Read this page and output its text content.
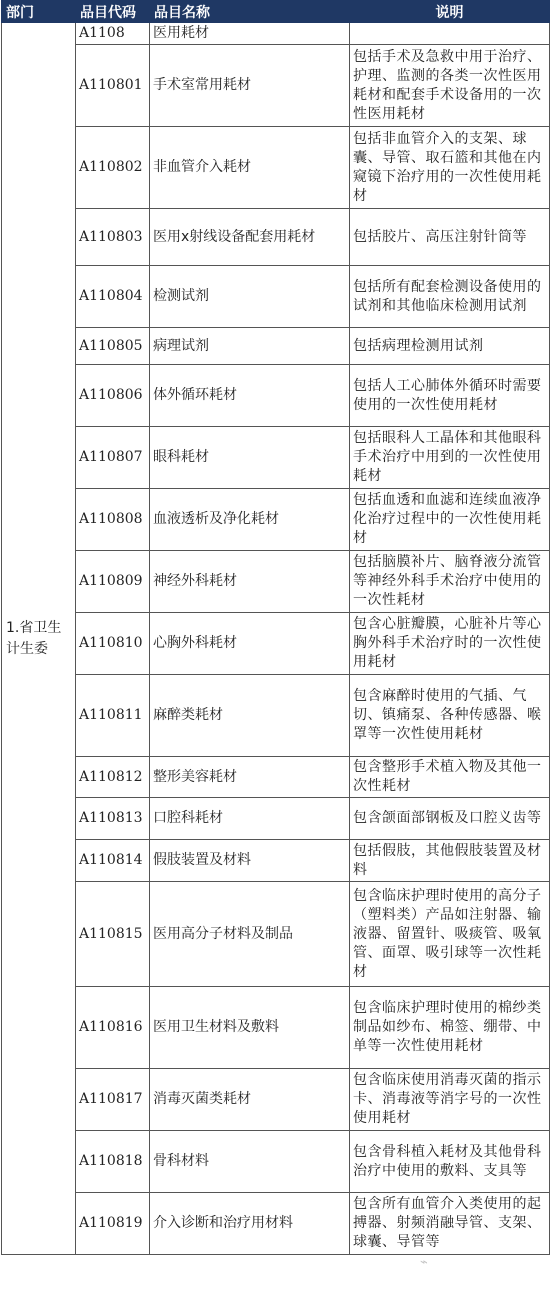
部门	品目代码	品目名称	说明
1.省卫生计生委	A1108	医用耗材	
	A110801	手术室常用耗材	包括手术及急救中用于治疗、护理、监测的各类一次性医用耗材和配套手术设备用的一次性医用耗材
	A110802	非血管介入耗材	包括非血管介入的支架、球囊、导管、取石篮和其他在内窥镜下治疗用的一次性使用耗材
	A110803	医用x射线设备配套用耗材	包括胶片、高压注射针筒等
	A110804	检测试剂	包括所有配套检测设备使用的试剂和其他临床检测用试剂
	A110805	病理试剂	包括病理检测用试剂
	A110806	体外循环耗材	包括人工心肺体外循环时需要使用的一次性使用耗材
	A110807	眼科耗材	包括眼科人工晶体和其他眼科手术治疗中用到的一次性使用耗材
	A110808	血液透析及净化耗材	包括血透和血滤和连续血液净化治疗过程中的一次性使用耗材
	A110809	神经外科耗材	包括脑膜补片、脑脊液分流管等神经外科手术治疗中使用的一次性耗材
	A110810	心胸外科耗材	包含心脏瓣膜，心脏补片等心胸外科手术治疗时的一次性使用耗材
	A110811	麻醉类耗材	包含麻醉时使用的气插、气切、镇痛泵、各种传感器、喉罩等一次性使用耗材
	A110812	整形美容耗材	包含整形手术植入物及其他一次性耗材
	A110813	口腔科耗材	包含颌面部钢板及口腔义齿等
	A110814	假肢装置及材料	包括假肢，其他假肢装置及材料
	A110815	医用高分子材料及制品	包含临床护理时使用的高分子（塑料类）产品如注射器、输液器、留置针、吸痰管、吸氧管、面罩、吸引球等一次性耗材
	A110816	医用卫生材料及敷料	包含临床护理时使用的棉纱类制品如纱布、棉签、绷带、中单等一次性使用耗材
	A110817	消毒灭菌类耗材	包含临床使用消毒灭菌的指示卡、消毒液等消字号的一次性使用耗材
	A110818	骨科材料	包含骨科植入耗材及其他骨科治疗中使用的敷料、支具等
	A110819	介入诊断和治疗用材料	包含所有血管介入类使用的起搏器、射频消融导管、支架、球囊、导管等
⌁
